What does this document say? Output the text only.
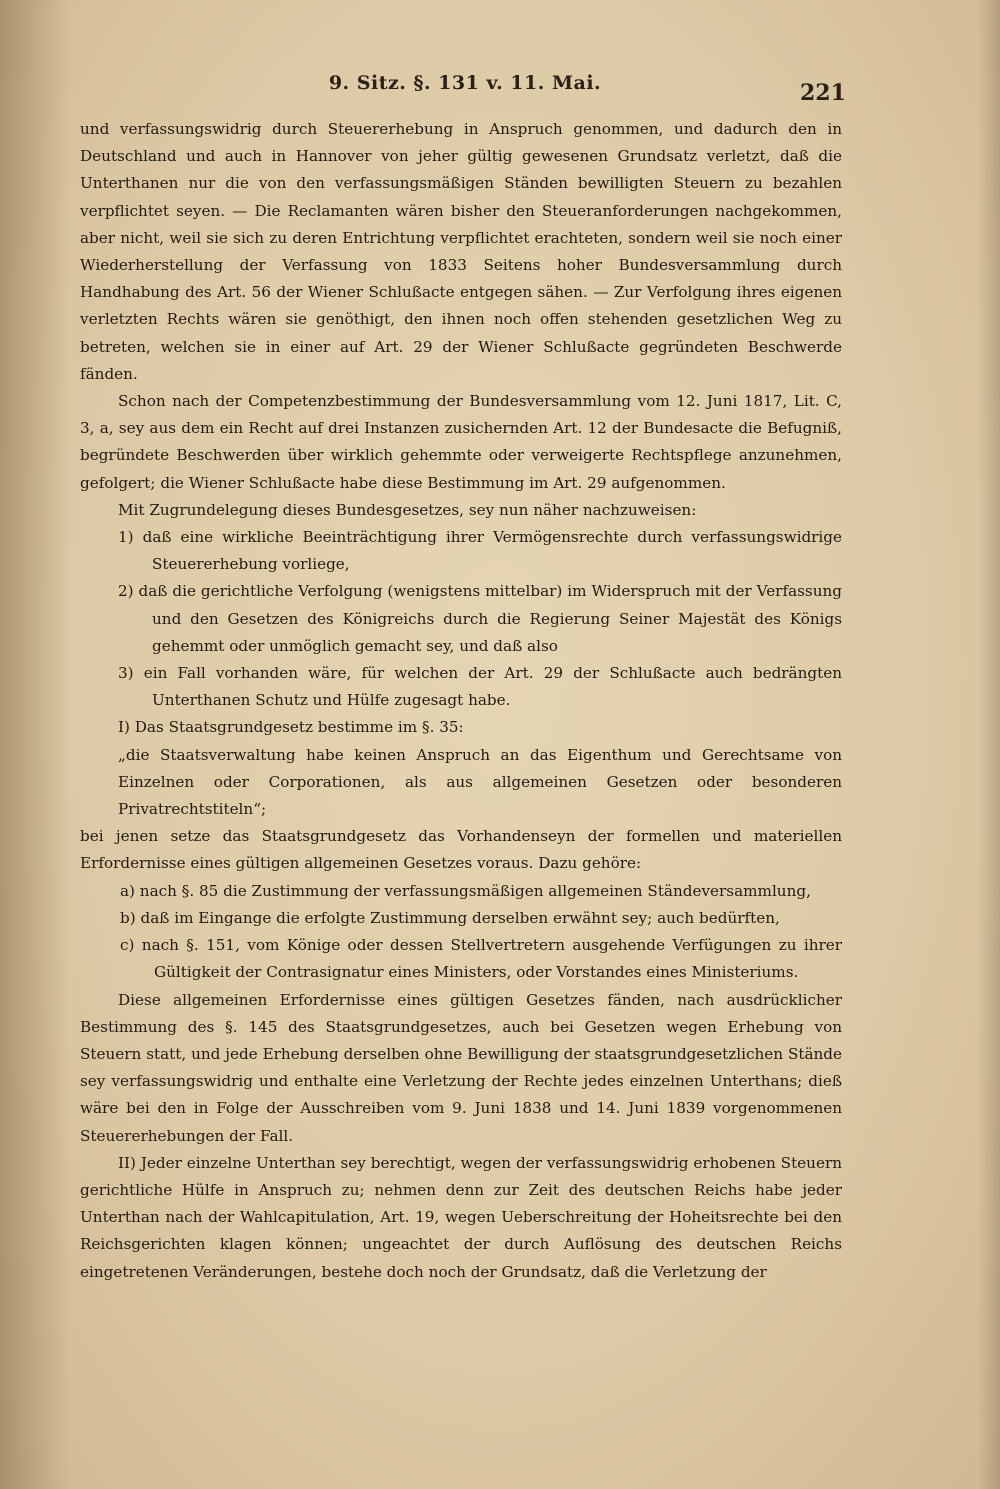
9. Sitz. §. 131 v. 11. Mai.	221

und verfassungswidrig durch Steuererhebung in Anspruch genommen, und dadurch den in Deutschland und auch in Hannover von jeher gültig gewesenen Grundsatz verletzt, daß die Unterthanen nur die von den verfassungsmäßigen Ständen bewilligten Steuern zu bezahlen verpflichtet seyen. — Die Reclamanten wären bisher den Steueranforderungen nachgekommen, aber nicht, weil sie sich zu deren Entrichtung verpflichtet erachteten, sondern weil sie noch einer Wiederherstellung der Verfassung von 1833 Seitens hoher Bundesversammlung durch Handhabung des Art. 56 der Wiener Schlußacte entgegen sähen. — Zur Verfolgung ihres eigenen verletzten Rechts wären sie genöthigt, den ihnen noch offen stehenden gesetzlichen Weg zu betreten, welchen sie in einer auf Art. 29 der Wiener Schlußacte gegründeten Beschwerde fänden.

Schon nach der Competenzbestimmung der Bundesversammlung vom 12. Juni 1817, Lit. C, 3, a, sey aus dem ein Recht auf drei Instanzen zusichernden Art. 12 der Bundesacte die Befugniß, begründete Beschwerden über wirklich gehemmte oder verweigerte Rechtspflege anzunehmen, gefolgert; die Wiener Schlußacte habe diese Bestimmung im Art. 29 aufgenommen.

Mit Zugrundelegung dieses Bundesgesetzes, sey nun näher nachzuweisen:

1) daß eine wirkliche Beeinträchtigung ihrer Vermögensrechte durch verfassungswidrige Steuererhebung vorliege,

2) daß die gerichtliche Verfolgung (wenigstens mittelbar) im Widerspruch mit der Verfassung und den Gesetzen des Königreichs durch die Regierung Seiner Majestät des Königs gehemmt oder unmöglich gemacht sey, und daß also

3) ein Fall vorhanden wäre, für welchen der Art. 29 der Schlußacte auch bedrängten Unterthanen Schutz und Hülfe zugesagt habe.

I) Das Staatsgrundgesetz bestimme im §. 35:

„die Staatsverwaltung habe keinen Anspruch an das Eigenthum und Gerechtsame von Einzelnen oder Corporationen, als aus allgemeinen Gesetzen oder besonderen Privatrechtstiteln“;

bei jenen setze das Staatsgrundgesetz das Vorhandenseyn der formellen und materiellen Erfordernisse eines gültigen allgemeinen Gesetzes voraus. Dazu gehöre:

a) nach §. 85 die Zustimmung der verfassungsmäßigen allgemeinen Ständeversammlung,

b) daß im Eingange die erfolgte Zustimmung derselben erwähnt sey; auch bedürften,

c) nach §. 151, vom Könige oder dessen Stellvertretern ausgehende Verfügungen zu ihrer Gültigkeit der Contrasignatur eines Ministers, oder Vorstandes eines Ministeriums.

Diese allgemeinen Erfordernisse eines gültigen Gesetzes fänden, nach ausdrücklicher Bestimmung des §. 145 des Staatsgrundgesetzes, auch bei Gesetzen wegen Erhebung von Steuern statt, und jede Erhebung derselben ohne Bewilligung der staatsgrundgesetzlichen Stände sey verfassungswidrig und enthalte eine Verletzung der Rechte jedes einzelnen Unterthans; dieß wäre bei den in Folge der Ausschreiben vom 9. Juni 1838 und 14. Juni 1839 vorgenommenen Steuererhebungen der Fall.

II) Jeder einzelne Unterthan sey berechtigt, wegen der verfassungswidrig erhobenen Steuern gerichtliche Hülfe in Anspruch zu; nehmen denn zur Zeit des deutschen Reichs habe jeder Unterthan nach der Wahlcapitulation, Art. 19, wegen Ueberschreitung der Hoheitsrechte bei den Reichsgerichten klagen können; ungeachtet der durch Auflösung des deutschen Reichs eingetretenen Veränderungen, bestehe doch noch der Grundsatz, daß die Verletzung der
